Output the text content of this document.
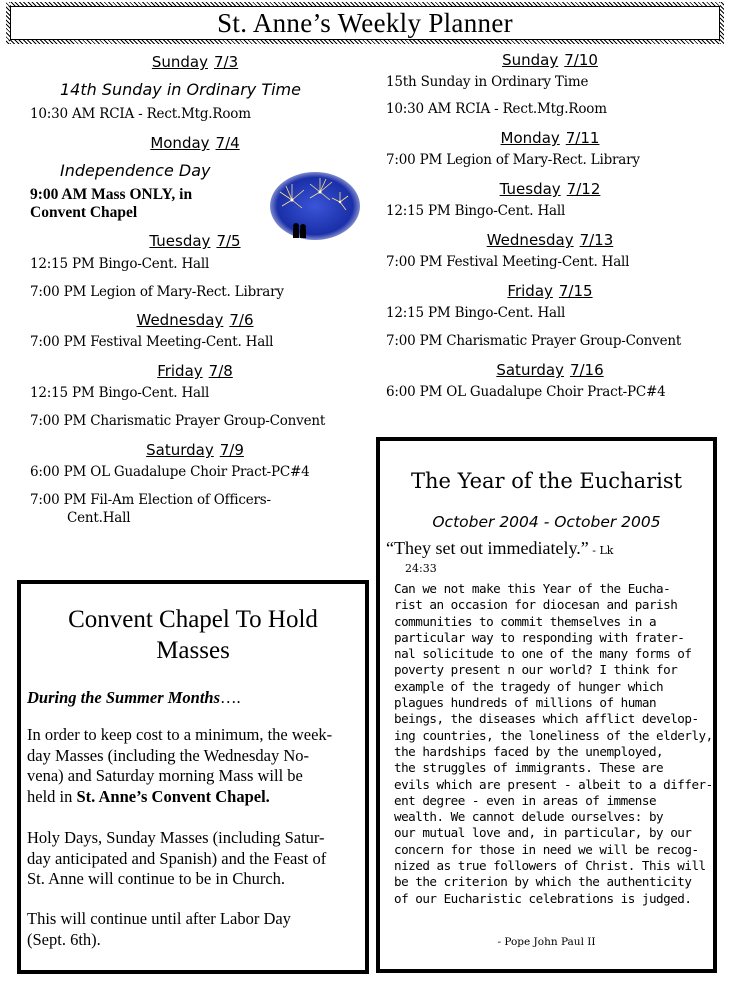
St. Anne’s Weekly Planner
Sunday 7/3
14th Sunday in Ordinary Time
10:30 AM RCIA - Rect.Mtg.Room
Monday 7/4
Independence Day
9:00 AM Mass ONLY, in
Convent Chapel
Tuesday 7/5
12:15 PM Bingo-Cent. Hall
7:00 PM Legion of Mary-Rect. Library
Wednesday 7/6
7:00 PM Festival Meeting-Cent. Hall
Friday 7/8
12:15 PM Bingo-Cent. Hall
7:00 PM Charismatic Prayer Group-Convent
Saturday 7/9
6:00 PM OL Guadalupe Choir Pract-PC#4
7:00 PM Fil-Am Election of Officers-
Cent.Hall
Sunday 7/10
15th Sunday in Ordinary Time
10:30 AM RCIA - Rect.Mtg.Room
Monday 7/11
7:00 PM Legion of Mary-Rect. Library
Tuesday 7/12
12:15 PM Bingo-Cent. Hall
Wednesday 7/13
7:00 PM Festival Meeting-Cent. Hall
Friday 7/15
12:15 PM Bingo-Cent. Hall
7:00 PM Charismatic Prayer Group-Convent
Saturday 7/16
6:00 PM OL Guadalupe Choir Pract-PC#4
Convent Chapel To Hold
Masses
During the Summer Months….
In order to keep cost to a minimum, the week-
day Masses (including the Wednesday No-
vena) and Saturday morning Mass will be
held in St. Anne’s Convent Chapel.
Holy Days, Sunday Masses (including Satur-
day anticipated and Spanish) and the Feast of
St. Anne will continue to be in Church.
This will continue until after Labor Day
(Sept. 6th).
The Year of the Eucharist
October 2004 - October 2005
“They set out immediately.” - Lk
24:33
Can we not make this Year of the Eucha-
rist an occasion for diocesan and parish
communities to commit themselves in a
particular way to responding with frater-
nal solicitude to one of the many forms of
poverty present n our world? I think for
example of the tragedy of hunger which
plagues hundreds of millions of human
beings, the diseases which afflict develop-
ing countries, the loneliness of the elderly,
the hardships faced by the unemployed,
the struggles of immigrants. These are
evils which are present - albeit to a differ-
ent degree - even in areas of immense
wealth. We cannot delude ourselves: by
our mutual love and, in particular, by our
concern for those in need we will be recog-
nized as true followers of Christ. This will
be the criterion by which the authenticity
of our Eucharistic celebrations is judged.
- Pope John Paul II
